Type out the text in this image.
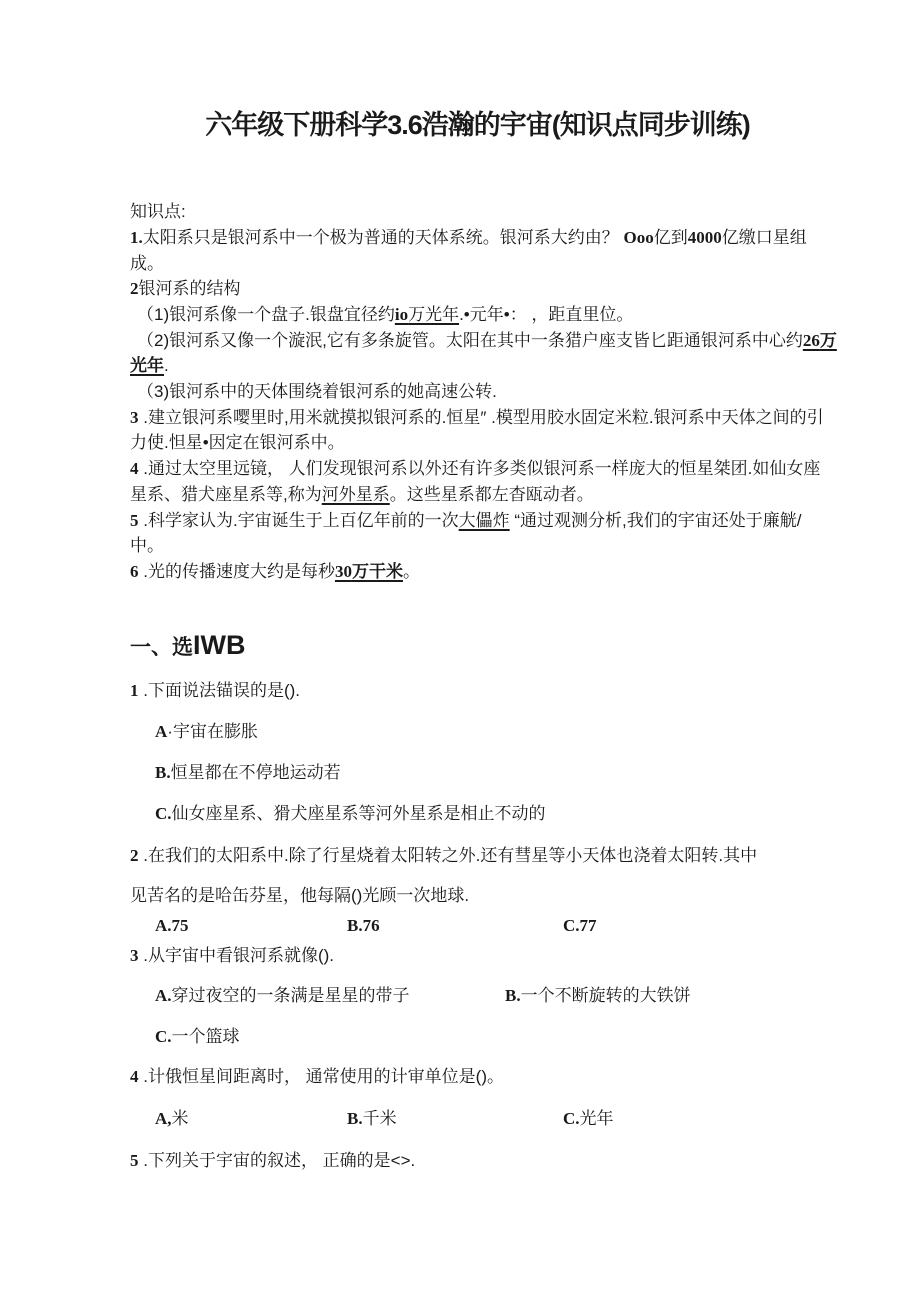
六年级下册科学3.6浩瀚的宇宙(知识点同步训练)
知识点:
1.太阳系只是银河系中一个极为普通的天体系统。银河系大约由？ Ooo亿到4000亿缴口星组
成。
2银河系的结构
（1)银河系像一个盘子.银盘宜径约io万光年.•元年•： ，距直里位。
（2)银河系又像一个漩泯,它有多条旋管。太阳在其中一条猎户座支皆匕距通银河系中心约26万
光年.
（3)银河系中的天体围绕着银河系的她高速公转.
3 .建立银河系嘤里时,用米就摸拟银河系的.恒星″ .模型用胶水固定米粒.银河系中天体之间的引
力使.怛星•因定在银河系中。
4 .通过太空里远镜， 人们发现银河系以外还有许多类似银河系一样庞大的恒星桀团.如仙女座
星系、猎犬座星系等,称为河外星系。这些星系都左杳瓯动者。
5 .科学家认为.宇宙诞生于上百亿年前的一次大儡炸 “通过观测分析,我们的宇宙还处于廉觥/
中。
6 .光的传播速度大约是每秒30万干米。
一、选IWB
1 .下面说法锚误的是().
A·宇宙在膨胀
B.恒星都在不停地运动若
C.仙女座星系、猾犬座星系等河外星系是相止不动的
2 .在我们的太阳系中.除了行星烧着太阳转之外.还有彗星等小天体也浇着太阳转.其中
见苦名的是哈缶芬星，他每隔()光顾一次地球.
A.75	B.76	C.77
3 .从宇宙中看银河系就像().
A.穿过夜空的一条满是星星的带子	B.一个不断旋转的大铁饼
C.一个篮球
4 .计俄恒星间距离时， 通常使用的计审单位是()。
A,米	B.千米	C.光年
5 .下列关于宇宙的叙述， 正确的是<>.
